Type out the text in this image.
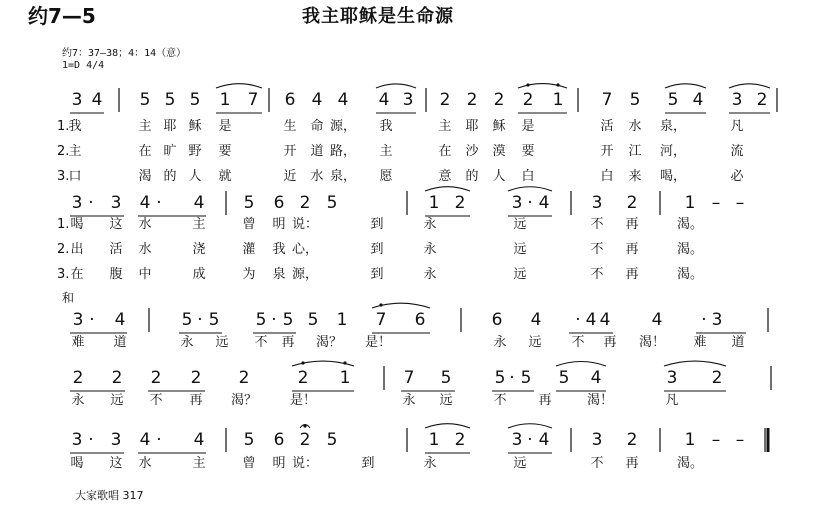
约7—5	我主耶稣是生命源
约7：37—38；4：14（意）
1=D 4/4
大家歌唱 317
3 4 5 5 5 1 7 6 4 4 4 3 2 2 2 2 1 7 5 5 4 3 2
1. 我	主 耶 稣 是	生 命 源， 我	主 耶 稣 是	活 水 泉，	凡
2. 主	在 旷 野 要	开 道 路， 主	在 沙 漠 要	开 江 河，	流
3. 口	渴 的 人 就	近 水 泉， 愿	意 的 人 白	白 来 喝，	必
3 · 3 4 · 4 5 6 2 5	1 2	3 · 4 3 2	1 – –
1. 喝 这 水	主	曾 明 说：	到	永	远	不 再	渴。
2. 出 活 水	浇	灌 我 心，	到	永	远	不 再	渴。
3. 在 腹 中	成	为 泉 源，	到	永	远	不 再	渴。
和
3 · 4	5 · 5 5 · 5 5 1 7 6	6 4 · 4 4 4 · 3
难 道	永 远 不 再 渴？ 是！	永 远 不 再 渴！ 难 道
2 2 2 2 2	2 1	7 5	5 · 5 5 4	3 2
永 远 不 再 渴？	是！	永 远	不 再	渴！	凡
3 · 3 4 · 4 5 6 2 5	1 2	3 · 4 3 2	1 – –
喝 这 水	主	曾 明 说：	到	永	远	不 再	渴。
